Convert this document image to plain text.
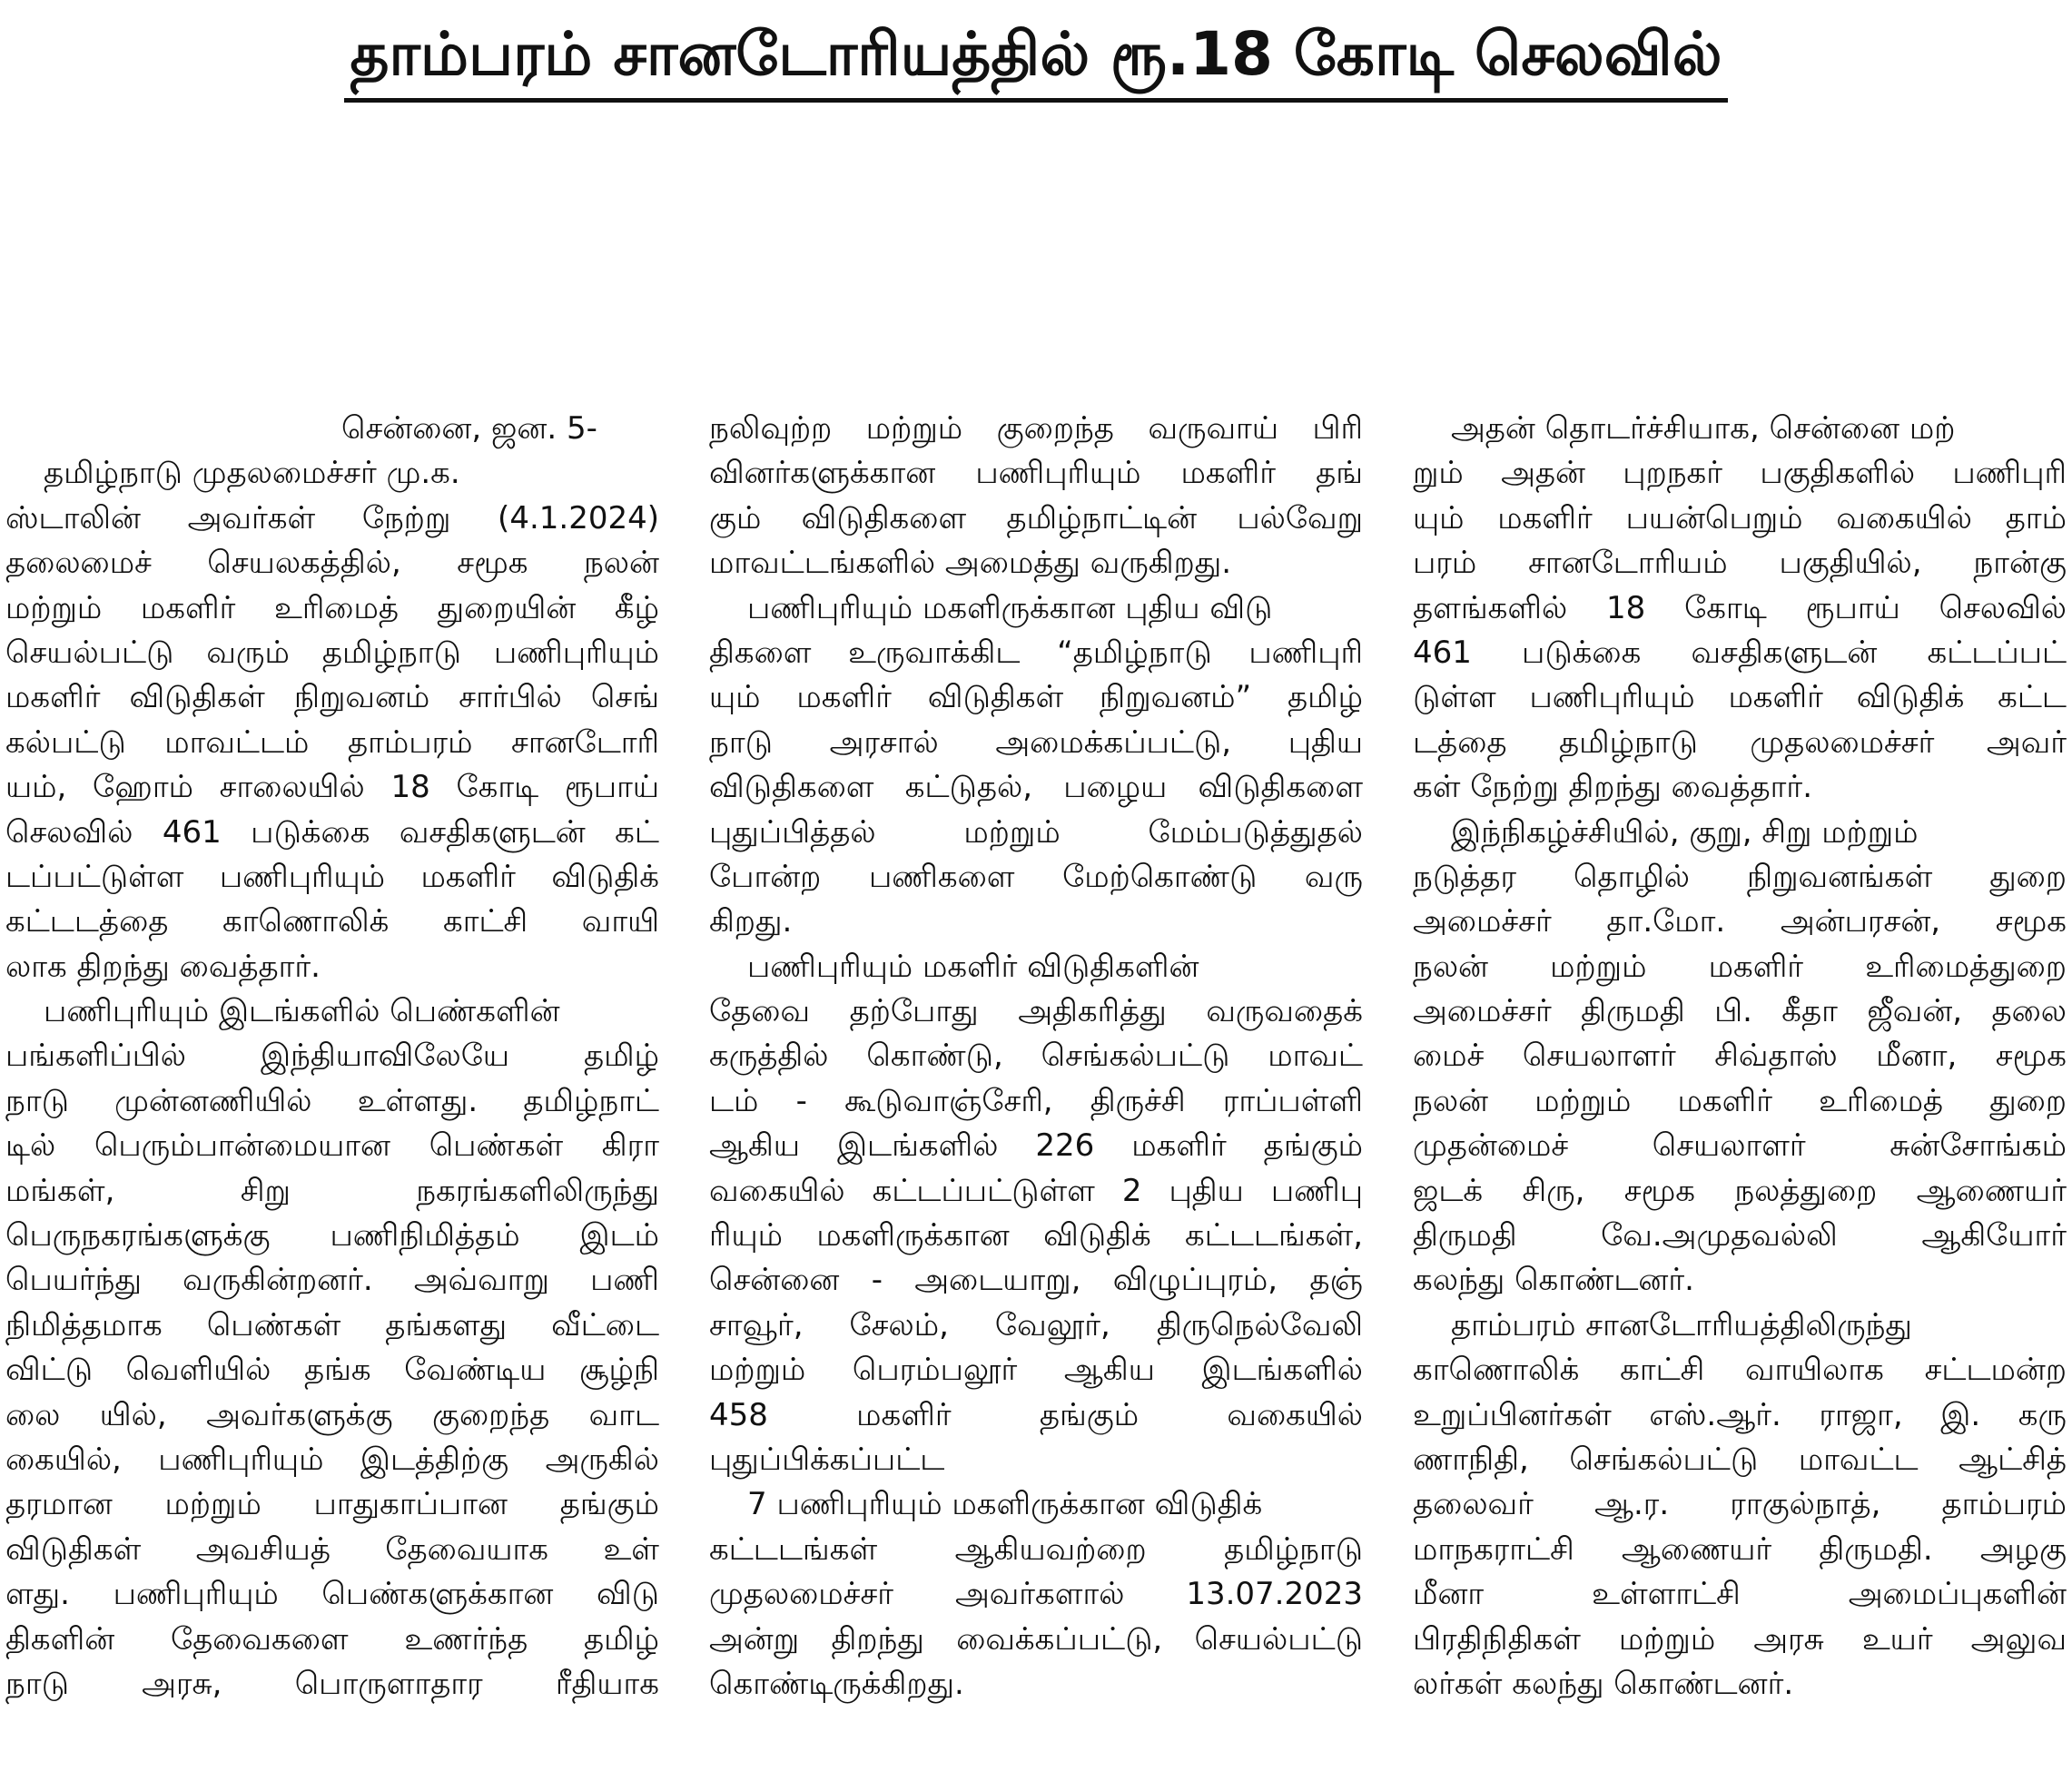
தாம்பரம் சானடோரியத்தில் ரூ.18 கோடி செலவில்
சென்னை, ஜன. 5-
தமிழ்நாடு முதலமைச்சர் மு.க.
ஸ்டாலின் அவர்கள் நேற்று (4.1.2024)
தலைமைச் செயலகத்தில், சமூக நலன்
மற்றும் மகளிர் உரிமைத் துறையின் கீழ்
செயல்பட்டு வரும் தமிழ்நாடு பணிபுரியும்
மகளிர் விடுதிகள் நிறுவனம் சார்பில் செங்
கல்பட்டு மாவட்டம் தாம்பரம் சானடோரி
யம், ஹோம் சாலையில் 18 கோடி ரூபாய்
செலவில் 461 படுக்கை வசதிகளுடன் கட்
டப்பட்டுள்ள பணிபுரியும் மகளிர் விடுதிக்
கட்டடத்தை காணொலிக் காட்சி வாயி
லாக திறந்து வைத்தார்.
பணிபுரியும் இடங்களில் பெண்களின்
பங்களிப்பில் இந்தியாவிலேயே தமிழ்
நாடு முன்னணியில் உள்ளது. தமிழ்நாட்
டில் பெரும்பான்மையான பெண்கள் கிரா
மங்கள், சிறு நகரங்களிலிருந்து
பெருநகரங்களுக்கு பணிநிமித்தம் இடம்
பெயர்ந்து வருகின்றனர். அவ்வாறு பணி
நிமித்தமாக பெண்கள் தங்களது வீட்டை
விட்டு வெளியில் தங்க வேண்டிய சூழ்நி
லை யில், அவர்களுக்கு குறைந்த வாட
கையில், பணிபுரியும் இடத்திற்கு அருகில்
தரமான மற்றும் பாதுகாப்பான தங்கும்
விடுதிகள் அவசியத் தேவையாக உள்
ளது. பணிபுரியும் பெண்களுக்கான விடு
திகளின் தேவைகளை உணர்ந்த தமிழ்
நாடு அரசு, பொருளாதார ரீதியாக
நலிவுற்ற மற்றும் குறைந்த வருவாய் பிரி
வினர்களுக்கான பணிபுரியும் மகளிர் தங்
கும் விடுதிகளை தமிழ்நாட்டின் பல்வேறு
மாவட்டங்களில் அமைத்து வருகிறது.
பணிபுரியும் மகளிருக்கான புதிய விடு
திகளை உருவாக்கிட “தமிழ்நாடு பணிபுரி
யும் மகளிர் விடுதிகள் நிறுவனம்” தமிழ்
நாடு அரசால் அமைக்கப்பட்டு, புதிய
விடுதிகளை கட்டுதல், பழைய விடுதிகளை
புதுப்பித்தல் மற்றும் மேம்படுத்துதல்
போன்ற பணிகளை மேற்கொண்டு வரு
கிறது.
பணிபுரியும் மகளிர் விடுதிகளின்
தேவை தற்போது அதிகரித்து வருவதைக்
கருத்தில் கொண்டு, செங்கல்பட்டு மாவட்
டம் - கூடுவாஞ்சேரி, திருச்சி ராப்பள்ளி
ஆகிய இடங்களில் 226 மகளிர் தங்கும்
வகையில் கட்டப்பட்டுள்ள 2 புதிய பணிபு
ரியும் மகளிருக்கான விடுதிக் கட்டடங்கள்,
சென்னை - அடையாறு, விழுப்புரம், தஞ்
சாவூர், சேலம், வேலூர், திருநெல்வேலி
மற்றும் பெரம்பலூர் ஆகிய இடங்களில்
458 மகளிர் தங்கும் வகையில்
புதுப்பிக்கப்பட்ட
7 பணிபுரியும் மகளிருக்கான விடுதிக்
கட்டடங்கள் ஆகியவற்றை தமிழ்நாடு
முதலமைச்சர் அவர்களால் 13.07.2023
அன்று திறந்து வைக்கப்பட்டு, செயல்பட்டு
கொண்டிருக்கிறது.
அதன் தொடர்ச்சியாக, சென்னை மற்
றும் அதன் புறநகர் பகுதிகளில் பணிபுரி
யும் மகளிர் பயன்பெறும் வகையில் தாம்
பரம் சானடோரியம் பகுதியில், நான்கு
தளங்களில் 18 கோடி ரூபாய் செலவில்
461 படுக்கை வசதிகளுடன் கட்டப்பட்
டுள்ள பணிபுரியும் மகளிர் விடுதிக் கட்ட
டத்தை தமிழ்நாடு முதலமைச்சர் அவர்
கள் நேற்று திறந்து வைத்தார்.
இந்நிகழ்ச்சியில், குறு, சிறு மற்றும்
நடுத்தர தொழில் நிறுவனங்கள் துறை
அமைச்சர் தா.மோ. அன்பரசன், சமூக
நலன் மற்றும் மகளிர் உரிமைத்துறை
அமைச்சர் திருமதி பி. கீதா ஜீவன், தலை
மைச் செயலாளர் சிவ்தாஸ் மீனா, சமூக
நலன் மற்றும் மகளிர் உரிமைத் துறை
முதன்மைச் செயலாளர் சுன்சோங்கம்
ஜடக் சிரு, சமூக நலத்துறை ஆணையர்
திருமதி வே.அமுதவல்லி ஆகியோர்
கலந்து கொண்டனர்.
தாம்பரம் சானடோரியத்திலிருந்து
காணொலிக் காட்சி வாயிலாக சட்டமன்ற
உறுப்பினர்கள் எஸ்.ஆர். ராஜா, இ. கரு
ணாநிதி, செங்கல்பட்டு மாவட்ட ஆட்சித்
தலைவர் ஆ.ர. ராகுல்நாத், தாம்பரம்
மாநகராட்சி ஆணையர் திருமதி. அழகு
மீனா உள்ளாட்சி அமைப்புகளின்
பிரதிநிதிகள் மற்றும் அரசு உயர் அலுவ
லர்கள் கலந்து கொண்டனர்.
